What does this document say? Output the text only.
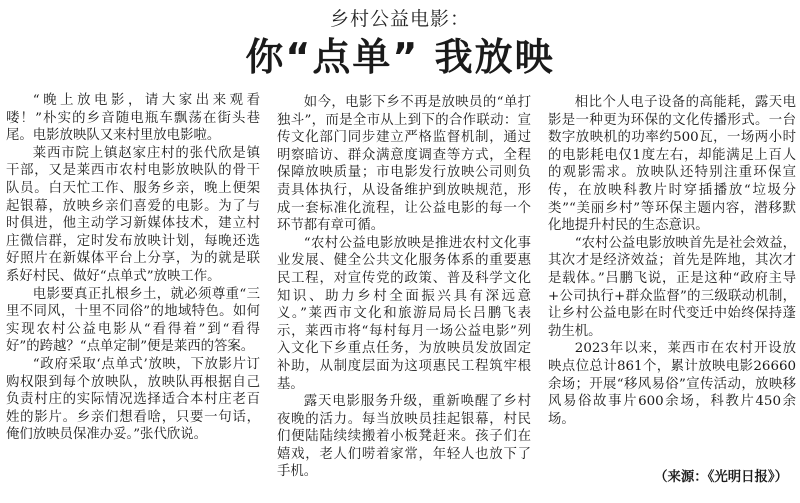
乡村公益电影：
你“点单” 我放映

“晚上放电影，请大家出来观看喽！”朴实的乡音随电瓶车飘荡在街头巷尾。电影放映队又来村里放电影啦。

莱西市院上镇赵家庄村的张代欣是镇干部，又是莱西市农村电影放映队的骨干队员。白天忙工作、服务乡亲，晚上便架起银幕，放映乡亲们喜爱的电影。为了与时俱进，他主动学习新媒体技术，建立村庄微信群，定时发布放映计划，每晚还选好照片在新媒体平台上分享，为的就是联系好村民、做好“点单式”放映工作。

电影要真正扎根乡土，就必须尊重“三里不同风，十里不同俗”的地域特色。如何实现农村公益电影从“看得着”到“看得好”的跨越？“点单定制”便是莱西的答案。

“政府采取‘点单式’放映，下放影片订购权限到每个放映队，放映队再根据自己负责村庄的实际情况选择适合本村庄老百姓的影片。乡亲们想看啥，只要一句话，俺们放映员保准办妥。”张代欣说。

如今，电影下乡不再是放映员的“单打独斗”，而是全市从上到下的合作联动：宣传文化部门同步建立严格监督机制，通过明察暗访、群众满意度调查等方式，全程保障放映质量；市电影发行放映公司则负责具体执行，从设备维护到放映规范，形成一套标准化流程，让公益电影的每一个环节都有章可循。

“农村公益电影放映是推进农村文化事业发展、健全公共文化服务体系的重要惠民工程，对宣传党的政策、普及科学文化知识、助力乡村全面振兴具有深远意义。”莱西市文化和旅游局局长吕鹏飞表示，莱西市将“每村每月一场公益电影”列入文化下乡重点任务，为放映员发放固定补助，从制度层面为这项惠民工程筑牢根基。

露天电影服务升级，重新唤醒了乡村夜晚的活力。每当放映员挂起银幕，村民们便陆陆续续搬着小板凳赶来。孩子们在嬉戏，老人们唠着家常，年轻人也放下了手机。

相比个人电子设备的高能耗，露天电影是一种更为环保的文化传播形式。一台数字放映机的功率约500瓦，一场两小时的电影耗电仅1度左右，却能满足上百人的观影需求。放映队还特别注重环保宣传，在放映科教片时穿插播放“垃圾分类”“美丽乡村”等环保主题内容，潜移默化地提升村民的生态意识。

“农村公益电影放映首先是社会效益，其次才是经济效益；首先是阵地，其次才是载体。”吕鹏飞说，正是这种“政府主导+公司执行+群众监督”的三级联动机制，让乡村公益电影在时代变迁中始终保持蓬勃生机。

2023年以来，莱西市在农村开设放映点位总计861个，累计放映电影26660余场；开展“移风易俗”宣传活动，放映移风易俗故事片600余场，科教片450余场。

（来源：《光明日报》）
